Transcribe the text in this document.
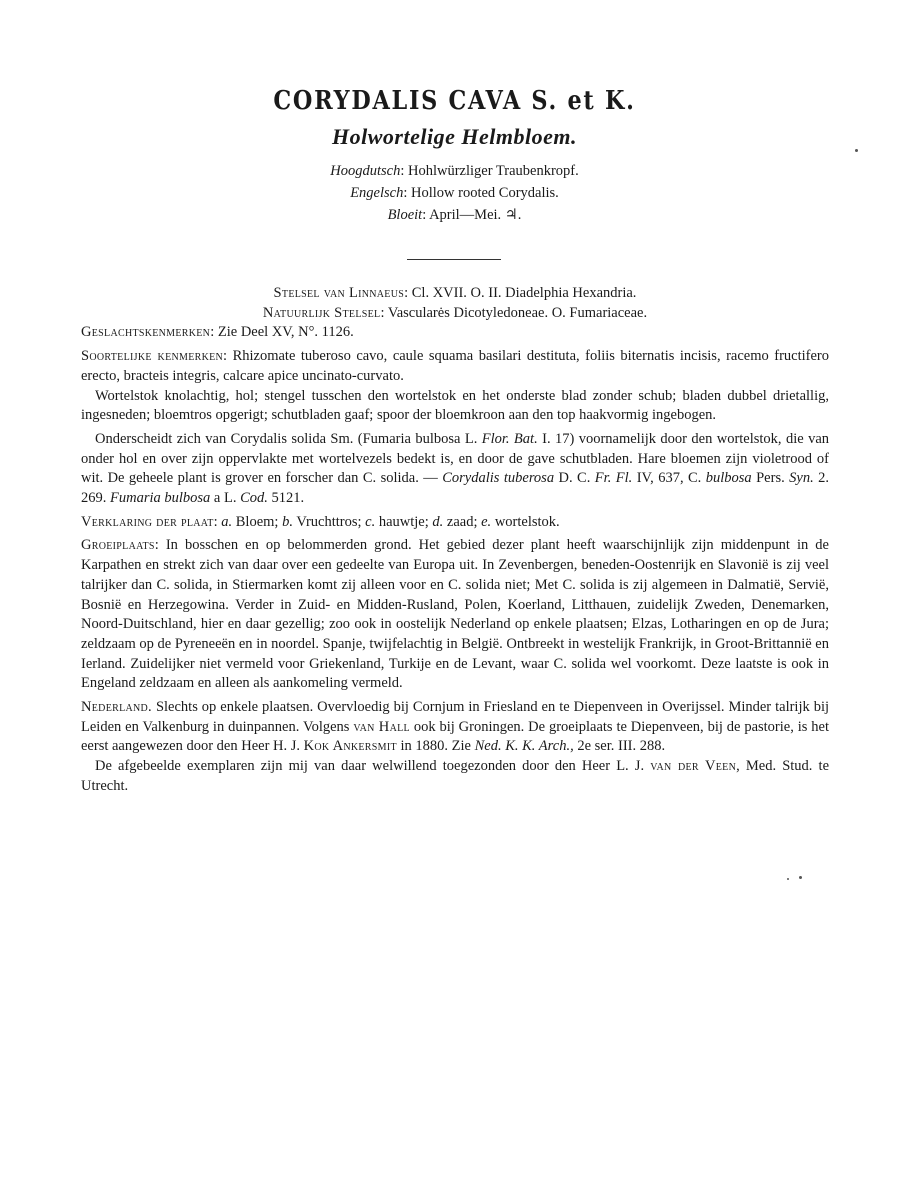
CORYDALIS CAVA S. et K.
Holwortelige Helmbloem.
Hoogdutsch: Hohlwürzliger Traubenkropf.
Engelsch: Hollow rooted Corydalis.
Bloeit: April—Mei. ♃.

Stelsel van Linnaeus: Cl. XVII. O. II. Diadelphia Hexandria.

Natuurlijk Stelsel: Vascularės Dicotyledoneae. O. Fumariaceae.

Geslachtskenmerken: Zie Deel XV, N°. 1126.

Soortelijke kenmerken: Rhizomate tuberoso cavo, caule squama basilari destituta, foliis biternatis incisis, racemo fructifero erecto, bracteis integris, calcare apice uncinato-curvato.

Wortelstok knolachtig, hol; stengel tusschen den wortelstok en het onderste blad zonder schub; bladen dubbel drietallig, ingesneden; bloemtros opgerigt; schutbladen gaaf; spoor der bloemkroon aan den top haakvormig ingebogen.

Onderscheidt zich van Corydalis solida Sm. (Fumaria bulbosa L. Flor. Bat. I. 17) voornamelijk door den wortelstok, die van onder hol en over zijn oppervlakte met wortelvezels bedekt is, en door de gave schutbladen. Hare bloemen zijn violetrood of wit. De geheele plant is grover en forscher dan C. solida. — Corydalis tuberosa D. C. Fr. Fl. IV, 637, C. bulbosa Pers. Syn. 2. 269. Fumaria bulbosa a L. Cod. 5121.

Verklaring der plaat: a. Bloem; b. Vruchttros; c. hauwtje; d. zaad; e. wortelstok.

Groeiplaats: In bosschen en op belommerden grond. Het gebied dezer plant heeft waarschijnlijk zijn middenpunt in de Karpathen en strekt zich van daar over een gedeelte van Europa uit. In Zevenbergen, beneden-Oostenrijk en Slavonië is zij veel talrijker dan C. solida, in Stiermarken komt zij alleen voor en C. solida niet; Met C. solida is zij algemeen in Dalmatië, Servië, Bosnië en Herzegowina. Verder in Zuid- en Midden-Rusland, Polen, Koerland, Litthauen, zuidelijk Zweden, Denemarken, Noord-Duitschland, hier en daar gezellig; zoo ook in oostelijk Nederland op enkele plaatsen; Elzas, Lotharingen en op de Jura; zeldzaam op de Pyreneeën en in noordel. Spanje, twijfelachtig in België. Ontbreekt in westelijk Frankrijk, in Groot-Brittannië en Ierland. Zuidelijker niet vermeld voor Griekenland, Turkije en de Levant, waar C. solida wel voorkomt. Deze laatste is ook in Engeland zeldzaam en alleen als aankomeling vermeld.

Nederland. Slechts op enkele plaatsen. Overvloedig bij Cornjum in Friesland en te Diepenveen in Overijssel. Minder talrijk bij Leiden en Valkenburg in duinpannen. Volgens van Hall ook bij Groningen. De groeiplaats te Diepenveen, bij de pastorie, is het eerst aangewezen door den Heer H. J. Kok Ankersmit in 1880. Zie Ned. K. K. Arch., 2e ser. III. 288.

De afgebeelde exemplaren zijn mij van daar welwillend toegezonden door den Heer L. J. van der Veen, Med. Stud. te Utrecht.
